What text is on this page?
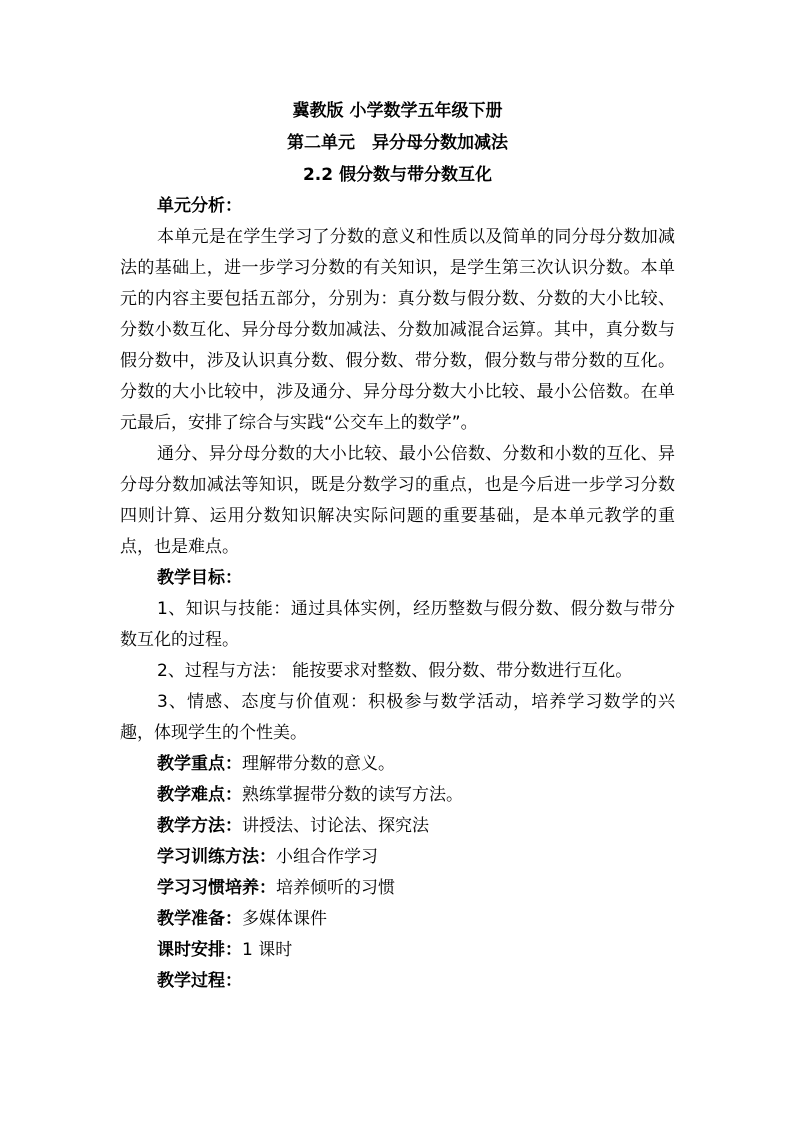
冀教版 小学数学五年级下册

第二单元　异分母分数加减法

2.2 假分数与带分数互化

单元分析：

本单元是在学生学习了分数的意义和性质以及简单的同分母分数加减法的基础上，进一步学习分数的有关知识，是学生第三次认识分数。本单元的内容主要包括五部分，分别为：真分数与假分数、分数的大小比较、分数小数互化、异分母分数加减法、分数加减混合运算。其中，真分数与假分数中，涉及认识真分数、假分数、带分数，假分数与带分数的互化。分数的大小比较中，涉及通分、异分母分数大小比较、最小公倍数。在单元最后，安排了综合与实践“公交车上的数学”。

通分、异分母分数的大小比较、最小公倍数、分数和小数的互化、异分母分数加减法等知识，既是分数学习的重点，也是今后进一步学习分数四则计算、运用分数知识解决实际问题的重要基础，是本单元教学的重点，也是难点。

教学目标：

1、知识与技能：通过具体实例，经历整数与假分数、假分数与带分数互化的过程。

2、过程与方法： 能按要求对整数、假分数、带分数进行互化。

3、情感、态度与价值观：积极参与数学活动，培养学习数学的兴趣，体现学生的个性美。

教学重点：理解带分数的意义。

教学难点：熟练掌握带分数的读写方法。

教学方法：讲授法、讨论法、探究法

学习训练方法：小组合作学习

学习习惯培养：培养倾听的习惯

教学准备：多媒体课件

课时安排：1 课时

教学过程：
